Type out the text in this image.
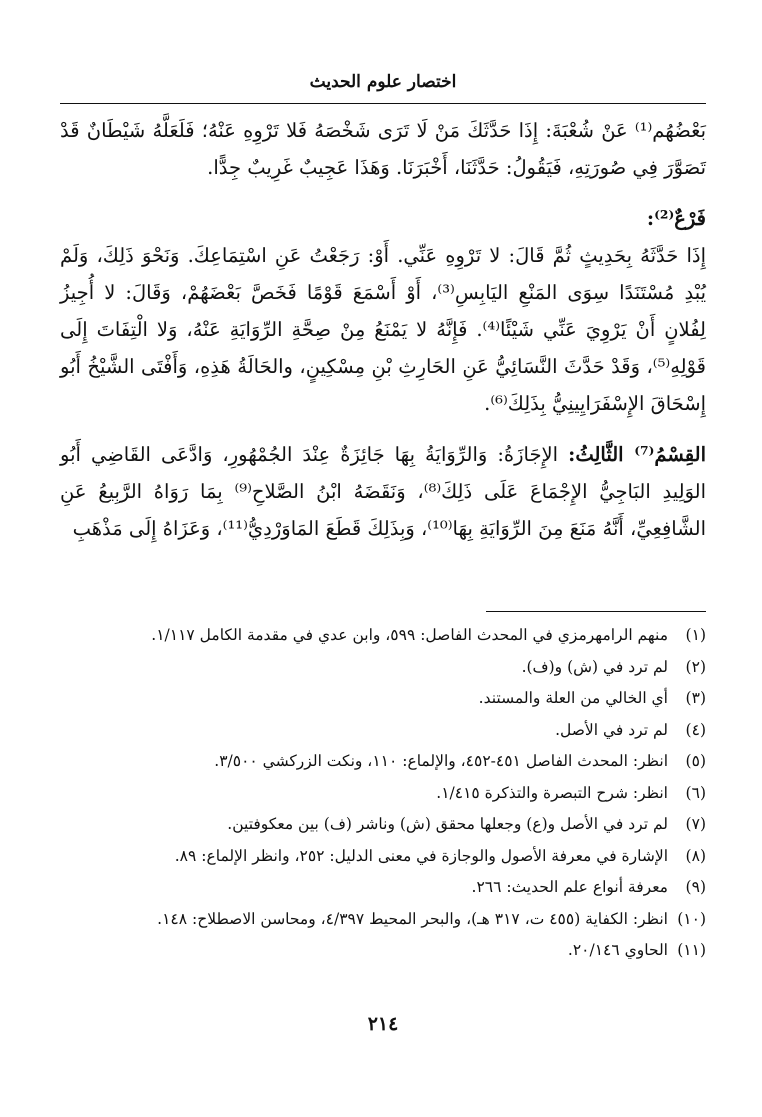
اختصار علوم الحديث

بَعْضُهُم⁽¹⁾ عَنْ شُعْبَةَ: إِذَا حَدَّثَكَ مَنْ لَا تَرَى شَخْصَهُ فَلا تَرْوِهِ عَنْهُ؛ فَلَعَلَّهُ شَيْطَانٌ قَدْ تَصَوَّرَ فِي صُورَتِهِ، فَيَقُولُ: حَدَّثَنَا، أَخْبَرَنَا. وَهَذَا عَجِيبٌ غَرِيبٌ جِدًّا.

فَرْعٌ⁽²⁾:

إِذَا حَدَّثَهُ بِحَدِيثٍ ثُمَّ قَالَ: لا تَرْوِهِ عَنِّي. أَوْ: رَجَعْتُ عَنِ اسْتِمَاعِكَ. وَنَحْوَ ذَلِكَ، وَلَمْ يُبْدِ مُسْتَنَدًا سِوَى المَنْعِ اليَابِسِ⁽³⁾، أَوْ أَسْمَعَ قَوْمًا فَخَصَّ بَعْضَهُمْ، وَقَالَ: لا أُجِيزُ لِفُلانٍ أَنْ يَرْوِيَ عَنِّي شَيْئًا⁽⁴⁾. فَإِنَّهُ لا يَمْنَعُ مِنْ صِحَّةِ الرِّوَايَةِ عَنْهُ، وَلا الْتِفَاتَ إِلَى قَوْلِهِ⁽⁵⁾، وَقَدْ حَدَّثَ النَّسَائِيُّ عَنِ الحَارِثِ بْنِ مِسْكِينٍ، والحَالَةُ هَذِهِ، وَأَفْتَى الشَّيْخُ أَبُو إِسْحَاقَ الإِسْفَرَايِينِيُّ بِذَلِكَ⁽⁶⁾.

القِسْمُ⁽⁷⁾ الثَّالِثُ: الإِجَازَةُ: وَالرِّوَايَةُ بِهَا جَائِزَةٌ عِنْدَ الجُمْهُورِ، وَادَّعَى القَاضِي أَبُو الوَلِيدِ البَاجِيُّ الإِجْمَاعَ عَلَى ذَلِكَ⁽⁸⁾، وَنَقَضَهُ ابْنُ الصَّلاحِ⁽⁹⁾ بِمَا رَوَاهُ الرَّبِيعُ عَنِ الشَّافِعِيِّ، أَنَّهُ مَنَعَ مِنَ الرِّوَايَةِ بِهَا⁽¹⁰⁾، وَبِذَلِكَ قَطَعَ المَاوَرْدِيُّ⁽¹¹⁾، وَعَزَاهُ إِلَى مَذْهَبِ

(١)منهم الرامهرمزي في المحدث الفاصل: ٥٩٩، وابن عدي في مقدمة الكامل ١/١١٧.

(٢)لم ترد في (ش) و(ف).

(٣)أي الخالي من العلة والمستند.

(٤)لم ترد في الأصل.

(٥)انظر: المحدث الفاصل ٤٥١-٤٥٢، والإلماع: ١١٠، ونكت الزركشي ٣/٥٠٠.

(٦)انظر: شرح التبصرة والتذكرة ١/٤١٥.

(٧)لم ترد في الأصل و(ع) وجعلها محقق (ش) وناشر (ف) بين معكوفتين.

(٨)الإشارة في معرفة الأصول والوجازة في معنى الدليل: ٢٥٢، وانظر الإلماع: ٨٩.

(٩)معرفة أنواع علم الحديث: ٢٦٦.

(١٠)انظر: الكفاية (٤٥٥ ت، ٣١٧ هـ)، والبحر المحيط ٤/٣٩٧، ومحاسن الاصطلاح: ١٤٨.

(١١)الحاوي ٢٠/١٤٦.

٢١٤
